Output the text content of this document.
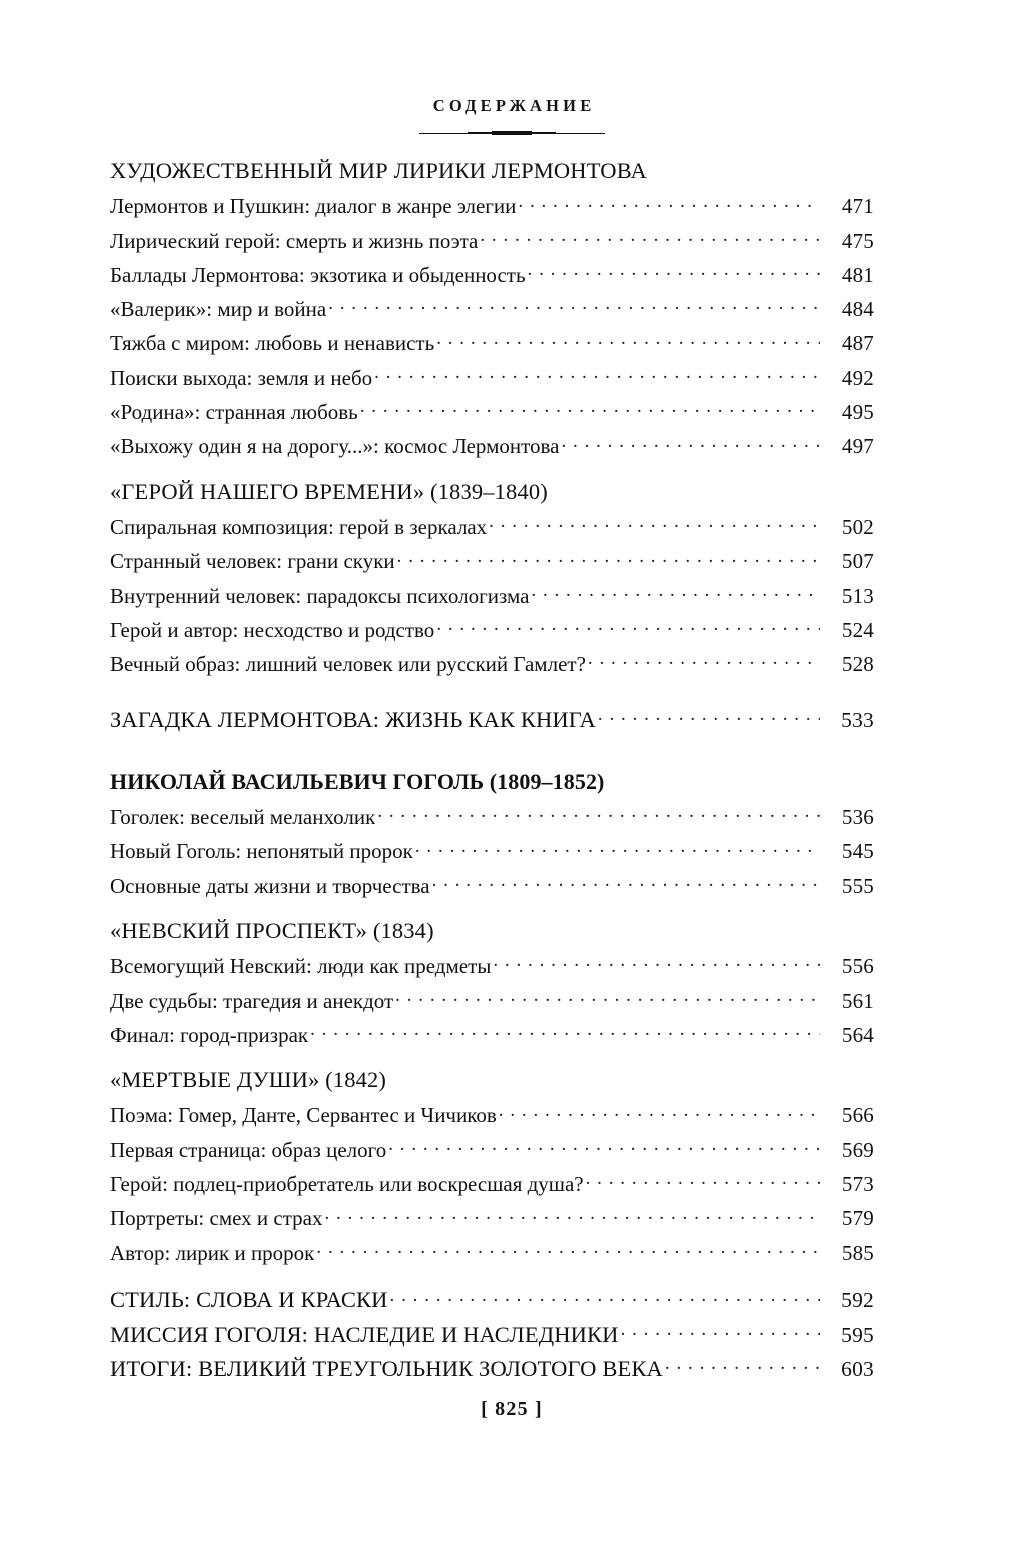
СОДЕРЖАНИЕ
ХУДОЖЕСТВЕННЫЙ МИР ЛИРИКИ ЛЕРМОНТОВА
Лермонтов и Пушкин: диалог в жанре элегии .....	471
Лирический герой: смерть и жизнь поэта .....	475
Баллады Лермонтова: экзотика и обыденность .....	481
«Валерик»: мир и война .....	484
Тяжба с миром: любовь и ненависть .....	487
Поиски выхода: земля и небо .....	492
«Родина»: странная любовь .....	495
«Выхожу один я на дорогу...»: космос Лермонтова .....	497
«ГЕРОЙ НАШЕГО ВРЕМЕНИ» (1839–1840)
Спиральная композиция: герой в зеркалах .....	502
Странный человек: грани скуки .....	507
Внутренний человек: парадоксы психологизма .....	513
Герой и автор: несходство и родство .....	524
Вечный образ: лишний человек или русский Гамлет? .....	528
ЗАГАДКА ЛЕРМОНТОВА: ЖИЗНЬ КАК КНИГА .....	533
НИКОЛАЙ ВАСИЛЬЕВИЧ ГОГОЛЬ (1809–1852)
Гоголек: веселый меланхолик .....	536
Новый Гоголь: непонятый пророк .....	545
Основные даты жизни и творчества .....	555
«НЕВСКИЙ ПРОСПЕКТ» (1834)
Всемогущий Невский: люди как предметы .....	556
Две судьбы: трагедия и анекдот .....	561
Финал: город-призрак .....	564
«МЕРТВЫЕ ДУШИ» (1842)
Поэма: Гомер, Данте, Сервантес и Чичиков .....	566
Первая страница: образ целого .....	569
Герой: подлец-приобретатель или воскресшая душа? .....	573
Портреты: смех и страх .....	579
Автор: лирик и пророк .....	585
СТИЛЬ: СЛОВА И КРАСКИ .....	592
МИССИЯ ГОГОЛЯ: НАСЛЕДИЕ И НАСЛЕДНИКИ .....	595
ИТОГИ: ВЕЛИКИЙ ТРЕУГОЛЬНИК ЗОЛОТОГО ВЕКА .....	603
[ 825 ]
